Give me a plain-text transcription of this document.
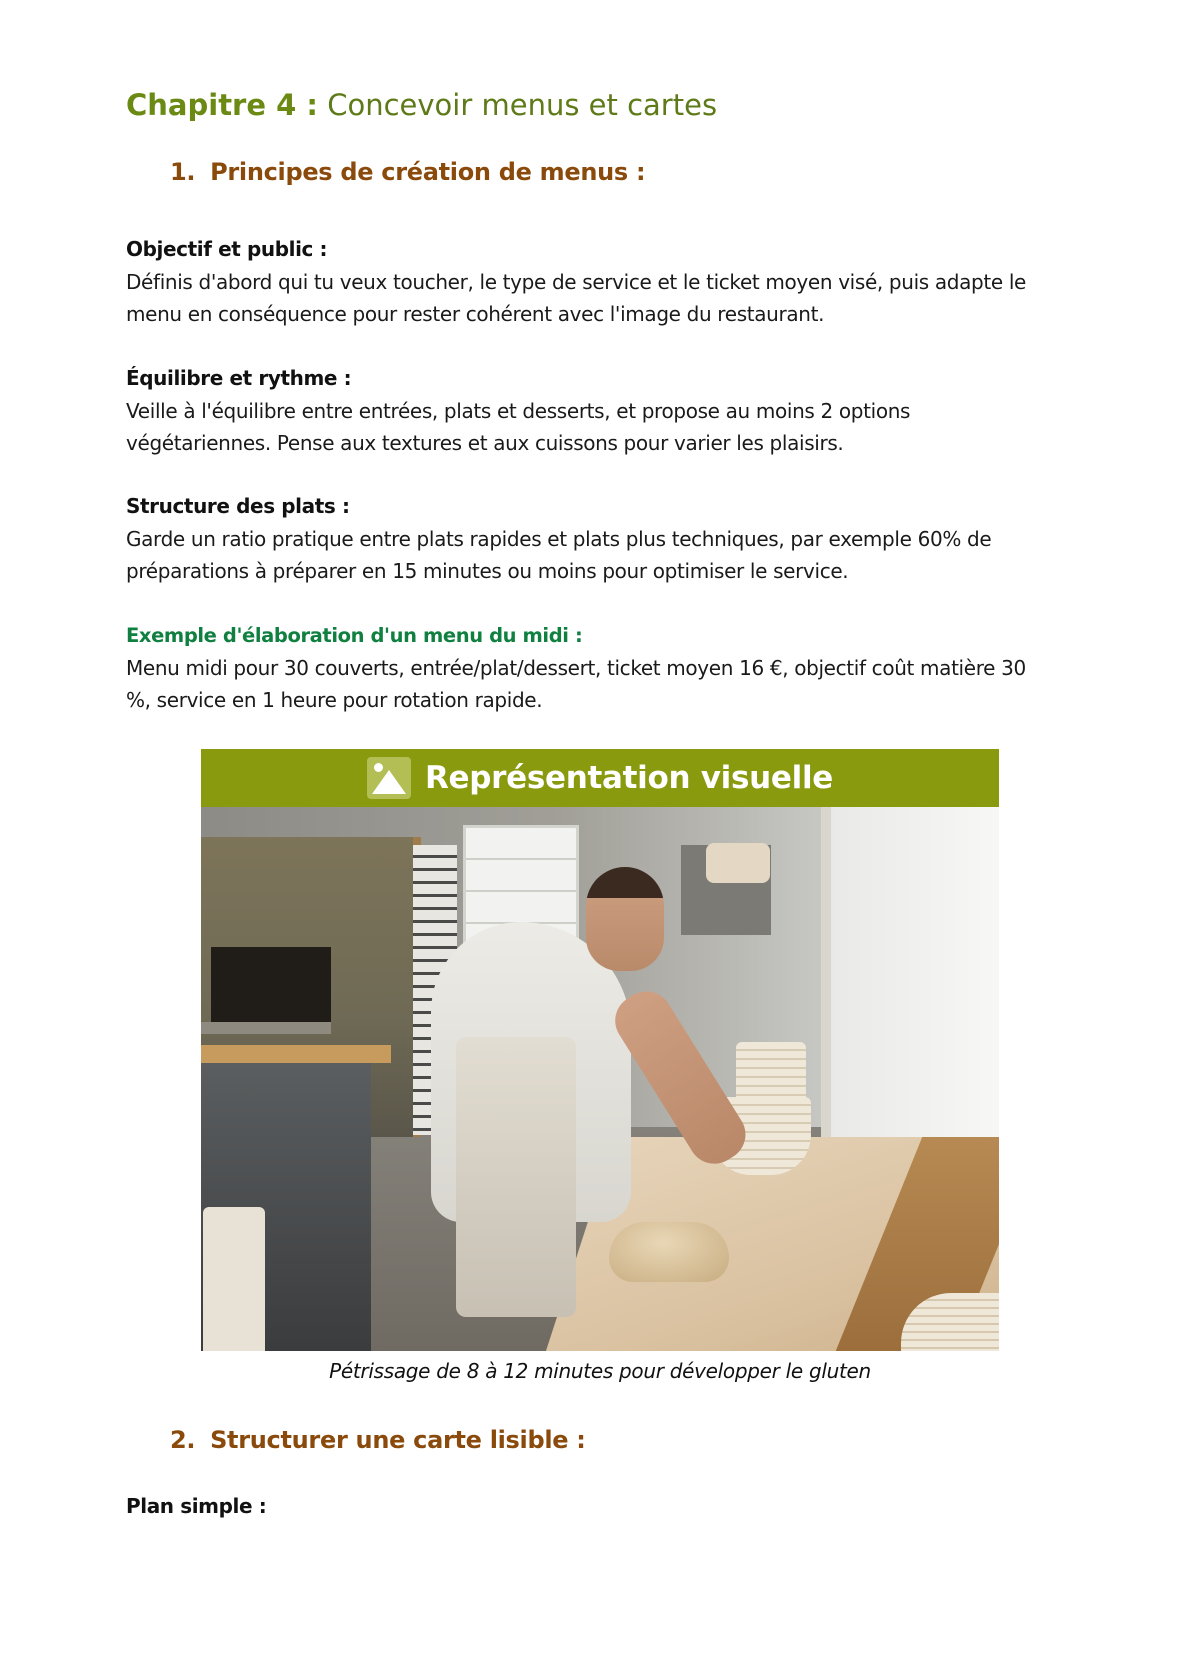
Chapitre 4 : Concevoir menus et cartes
1. Principes de création de menus :
Objectif et public :
Définis d'abord qui tu veux toucher, le type de service et le ticket moyen visé, puis adapte le menu en conséquence pour rester cohérent avec l'image du restaurant.
Équilibre et rythme :
Veille à l'équilibre entre entrées, plats et desserts, et propose au moins 2 options végétariennes. Pense aux textures et aux cuissons pour varier les plaisirs.
Structure des plats :
Garde un ratio pratique entre plats rapides et plats plus techniques, par exemple 60% de préparations à préparer en 15 minutes ou moins pour optimiser le service.
Exemple d'élaboration d'un menu du midi :
Menu midi pour 30 couverts, entrée/plat/dessert, ticket moyen 16 €, objectif coût matière 30 %, service en 1 heure pour rotation rapide.
Représentation visuelle
Pétrissage de 8 à 12 minutes pour développer le gluten
2. Structurer une carte lisible :
Plan simple :
